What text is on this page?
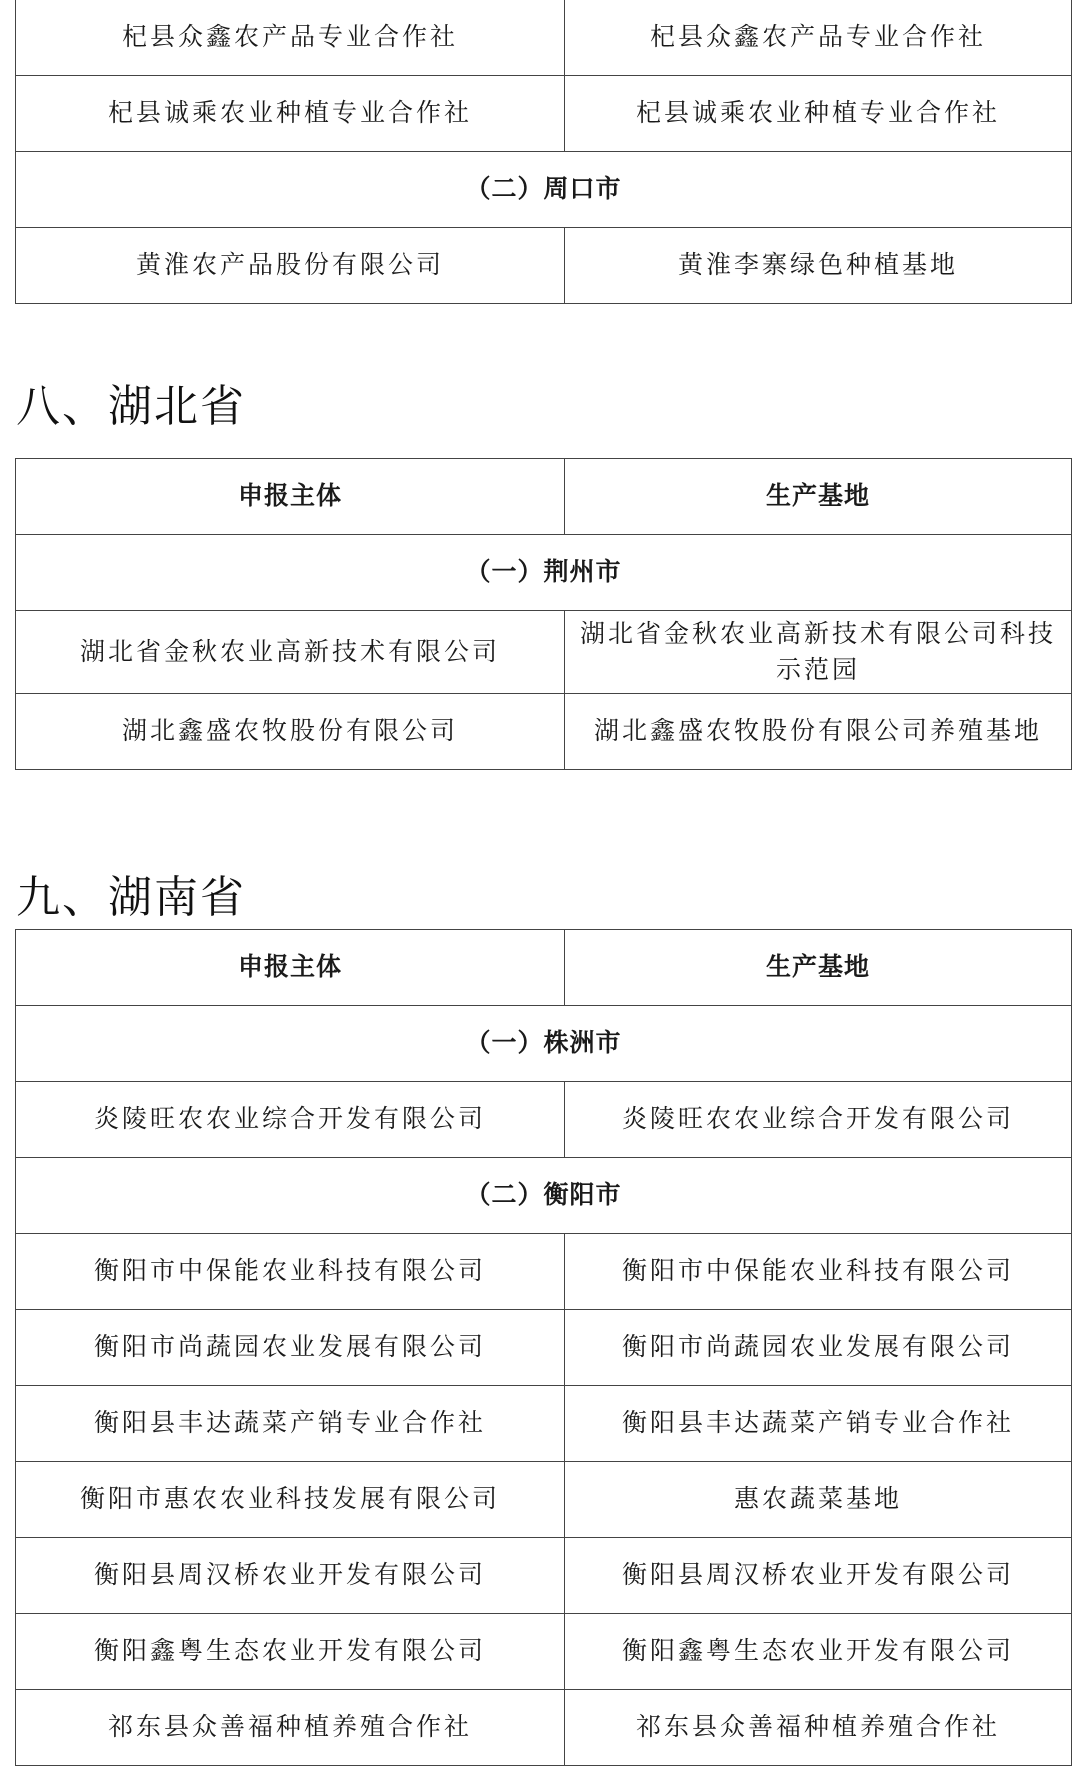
杞县众鑫农产品专业合作社	杞县众鑫农产品专业合作社
杞县诚乘农业种植专业合作社	杞县诚乘农业种植专业合作社
（二）周口市	
黄淮农产品股份有限公司	黄淮李寨绿色种植基地
八、湖北省
申报主体	生产基地
（一）荆州市	
湖北省金秋农业高新技术有限公司	湖北省金秋农业高新技术有限公司科技示范园
湖北鑫盛农牧股份有限公司	湖北鑫盛农牧股份有限公司养殖基地
九、湖南省
申报主体	生产基地
（一）株洲市	
炎陵旺农农业综合开发有限公司	炎陵旺农农业综合开发有限公司
（二）衡阳市	
衡阳市中保能农业科技有限公司	衡阳市中保能农业科技有限公司
衡阳市尚蔬园农业发展有限公司	衡阳市尚蔬园农业发展有限公司
衡阳县丰达蔬菜产销专业合作社	衡阳县丰达蔬菜产销专业合作社
衡阳市惠农农业科技发展有限公司	惠农蔬菜基地
衡阳县周汉桥农业开发有限公司	衡阳县周汉桥农业开发有限公司
衡阳鑫粤生态农业开发有限公司	衡阳鑫粤生态农业开发有限公司
祁东县众善福种植养殖合作社	祁东县众善福种植养殖合作社
